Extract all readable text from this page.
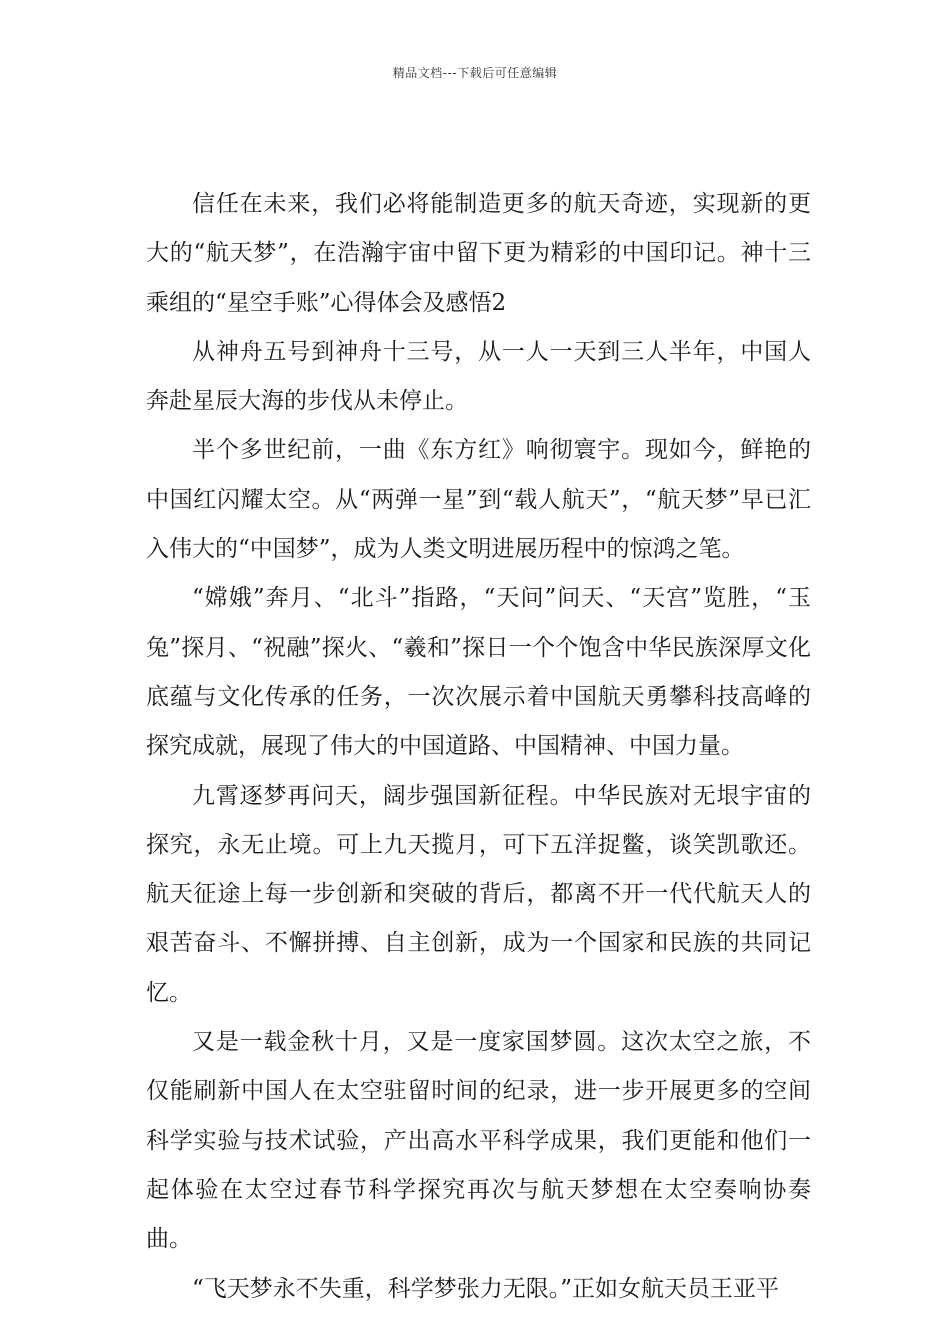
精品文档---下载后可任意编辑

信任在未来，我们必将能制造更多的航天奇迹，实现新的更大的“航天梦”，在浩瀚宇宙中留下更为精彩的中国印记。神十三乘组的“星空手账”心得体会及感悟2

从神舟五号到神舟十三号，从一人一天到三人半年，中国人奔赴星辰大海的步伐从未停止。

半个多世纪前，一曲《东方红》响彻寰宇。现如今，鲜艳的中国红闪耀太空。从“两弹一星”到“载人航天”，“航天梦”早已汇入伟大的“中国梦”，成为人类文明进展历程中的惊鸿之笔。

“嫦娥”奔月、“北斗”指路，“天问”问天、“天宫”览胜，“玉兔”探月、“祝融”探火、“羲和”探日一个个饱含中华民族深厚文化底蕴与文化传承的任务，一次次展示着中国航天勇攀科技高峰的探究成就，展现了伟大的中国道路、中国精神、中国力量。

九霄逐梦再问天，阔步强国新征程。中华民族对无垠宇宙的探究，永无止境。可上九天揽月，可下五洋捉鳖，谈笑凯歌还。航天征途上每一步创新和突破的背后，都离不开一代代航天人的艰苦奋斗、不懈拼搏、自主创新，成为一个国家和民族的共同记忆。

又是一载金秋十月，又是一度家国梦圆。这次太空之旅，不仅能刷新中国人在太空驻留时间的纪录，进一步开展更多的空间科学实验与技术试验，产出高水平科学成果，我们更能和他们一起体验在太空过春节科学探究再次与航天梦想在太空奏响协奏曲。

“飞天梦永不失重，科学梦张力无限。”正如女航天员王亚平
